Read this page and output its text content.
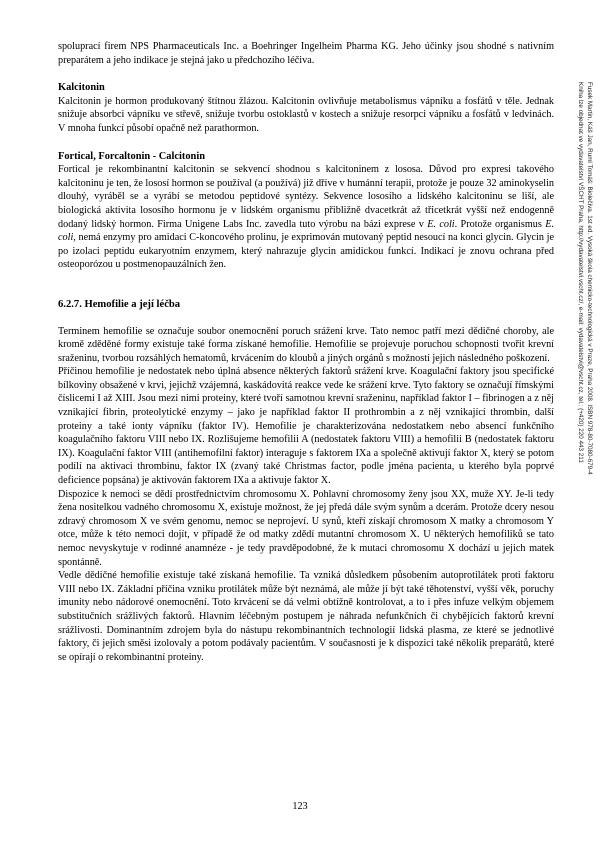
spoluprací firem NPS Pharmaceuticals Inc. a Boehringer Ingelheim Pharma KG. Jeho účinky jsou shodné s nativním preparátem a jeho indikace je stejná jako u předchozího léčiva.

Kalcitonin

Kalcitonin je hormon produkovaný štítnou žlázou. Kalcitonin ovlivňuje metabolismus vápníku a fosfátů v těle. Jednak snižuje absorbci vápníku ve střevě, snižuje tvorbu ostoklastů v kostech a snižuje resorpci vápníku a fosfátů v ledvinách. V mnoha funkcí působí opačně než parathormon.

Fortical, Forcaltonin - Calcitonin

Fortical je rekombinantní kalcitonin se sekvencí shodnou s kalcitoninem z lososa. Důvod pro expresi takového kalcitoninu je ten, že lososí hormon se používal (a používá) již dříve v humánní terapii, protože je pouze 32 aminokyselin dlouhý, vyráběl se a vyrábí se metodou peptidové syntézy. Sekvence lososího a lidského kalcitoninu se liší, ale biologická aktivita lososího hormonu je v lidském organismu přibližně dvacetkrát až třicetkrát vyšší než endogenně dodaný lidský hormon. Firma Unigene Labs Inc. zavedla tuto výrobu na bázi exprese v E. coli. Protože organismus E. coli, nemá enzymy pro amidaci C-koncového prolinu, je exprimován mutovaný peptid nesoucí na konci glycin. Glycin je po izolaci peptidu eukaryotním enzymem, který nahrazuje glycin amidickou funkcí. Indikací je znovu ochrana před osteoporózou u postmenopauzálních žen.

6.2.7. Hemofilie a její léčba

Terminem hemofilie se označuje soubor onemocnění poruch srážení krve. Tato nemoc patří mezi dědičné choroby, ale kromě zděděné formy existuje také forma získané hemofilie. Hemofilie se projevuje poruchou schopnosti tvořit krevní sraženinu, tvorbou rozsáhlých hematomů, krvácením do kloubů a jiných orgánů s možností jejich následného poškození.

Příčinou hemofilie je nedostatek nebo úplná absence některých faktorů srážení krve. Koagulační faktory jsou specifické bílkoviny obsažené v krvi, jejichž vzájemná, kaskádovitá reakce vede ke srážení krve. Tyto faktory se označují římskými číslicemi I až XIII. Jsou mezi nimi proteiny, které tvoří samotnou krevní sraženinu, například faktor I – fibrinogen a z něj vznikající fibrin, proteolytické enzymy – jako je například faktor II prothrombin a z něj vznikající thrombin, další proteiny a také ionty vápníku (faktor IV). Hemofilie je charakterizována nedostatkem nebo absencí funkčního koagulačního faktoru VIII nebo IX. Rozlišujeme hemofilii A (nedostatek faktoru VIII) a hemofilii B (nedostatek faktoru IX). Koagulační faktor VIII (antihemofilní faktor) interaguje s faktorem IXa a společně aktivují faktor X, který se potom podílí na aktivaci thrombinu, faktor IX (zvaný také Christmas factor, podle jména pacienta, u kterého byla poprvé deficience popsána) je aktivován faktorem IXa a aktivuje faktor X.

Dispozice k nemoci se dědí prostřednictvím chromosomu X. Pohlavní chromosomy ženy jsou XX, muže XY. Je-li tedy žena nositelkou vadného chromosomu X, existuje možnost, že jej předá dále svým synům a dcerám. Protože dcery nesou zdravý chromosom X ve svém genomu, nemoc se neprojeví. U synů, kteří získají chromosom X matky a chromosom Y otce, může k této nemoci dojít, v případě že od matky zdědí mutantní chromosom X. U některých hemofiliků se tato nemoc nevyskytuje v rodinné anamnéze - je tedy pravděpodobné, že k mutaci chromosomu X dochází u jejich matek spontánně.

Vedle dědičné hemofilie existuje také získaná hemofilie. Ta vzniká důsledkem působením autoprotilátek proti faktoru VIII nebo IX. Základní příčina vzniku protilátek může být neznámá, ale může jí být také těhotenství, vyšší věk, poruchy imunity nebo nádorové onemocnění. Toto krvácení se dá velmi obtížně kontrolovat, a to i přes infuze velkým objemem substitučních srážlivých faktorů. Hlavním léčebným postupem je náhrada nefunkčních či chybějících faktorů krevní srážlivosti. Dominantním zdrojem byla do nástupu rekombinantních technologií lidská plasma, ze které se jednotlivé faktory, či jejich směsi izolovaly a potom podávaly pacientům. V současnosti je k dispozici také několik preparátů, které se opírají o rekombinantní proteiny.

123
Fusek Martin, Káš Jan, Ruml Tomáš: Biolečiva. 1st ed. Vysoká škola chemicko-technologická v Praze, Praha 2008. ISBN 978-80-7080-679-4
Kniha lze objednat ve vydavatelství VŠCHT Praha, http://vydavatelstvi.vscht.cz/, e-mail: vydavatelstvi@vscht.cz, tel.: (+420) 220 443 211
